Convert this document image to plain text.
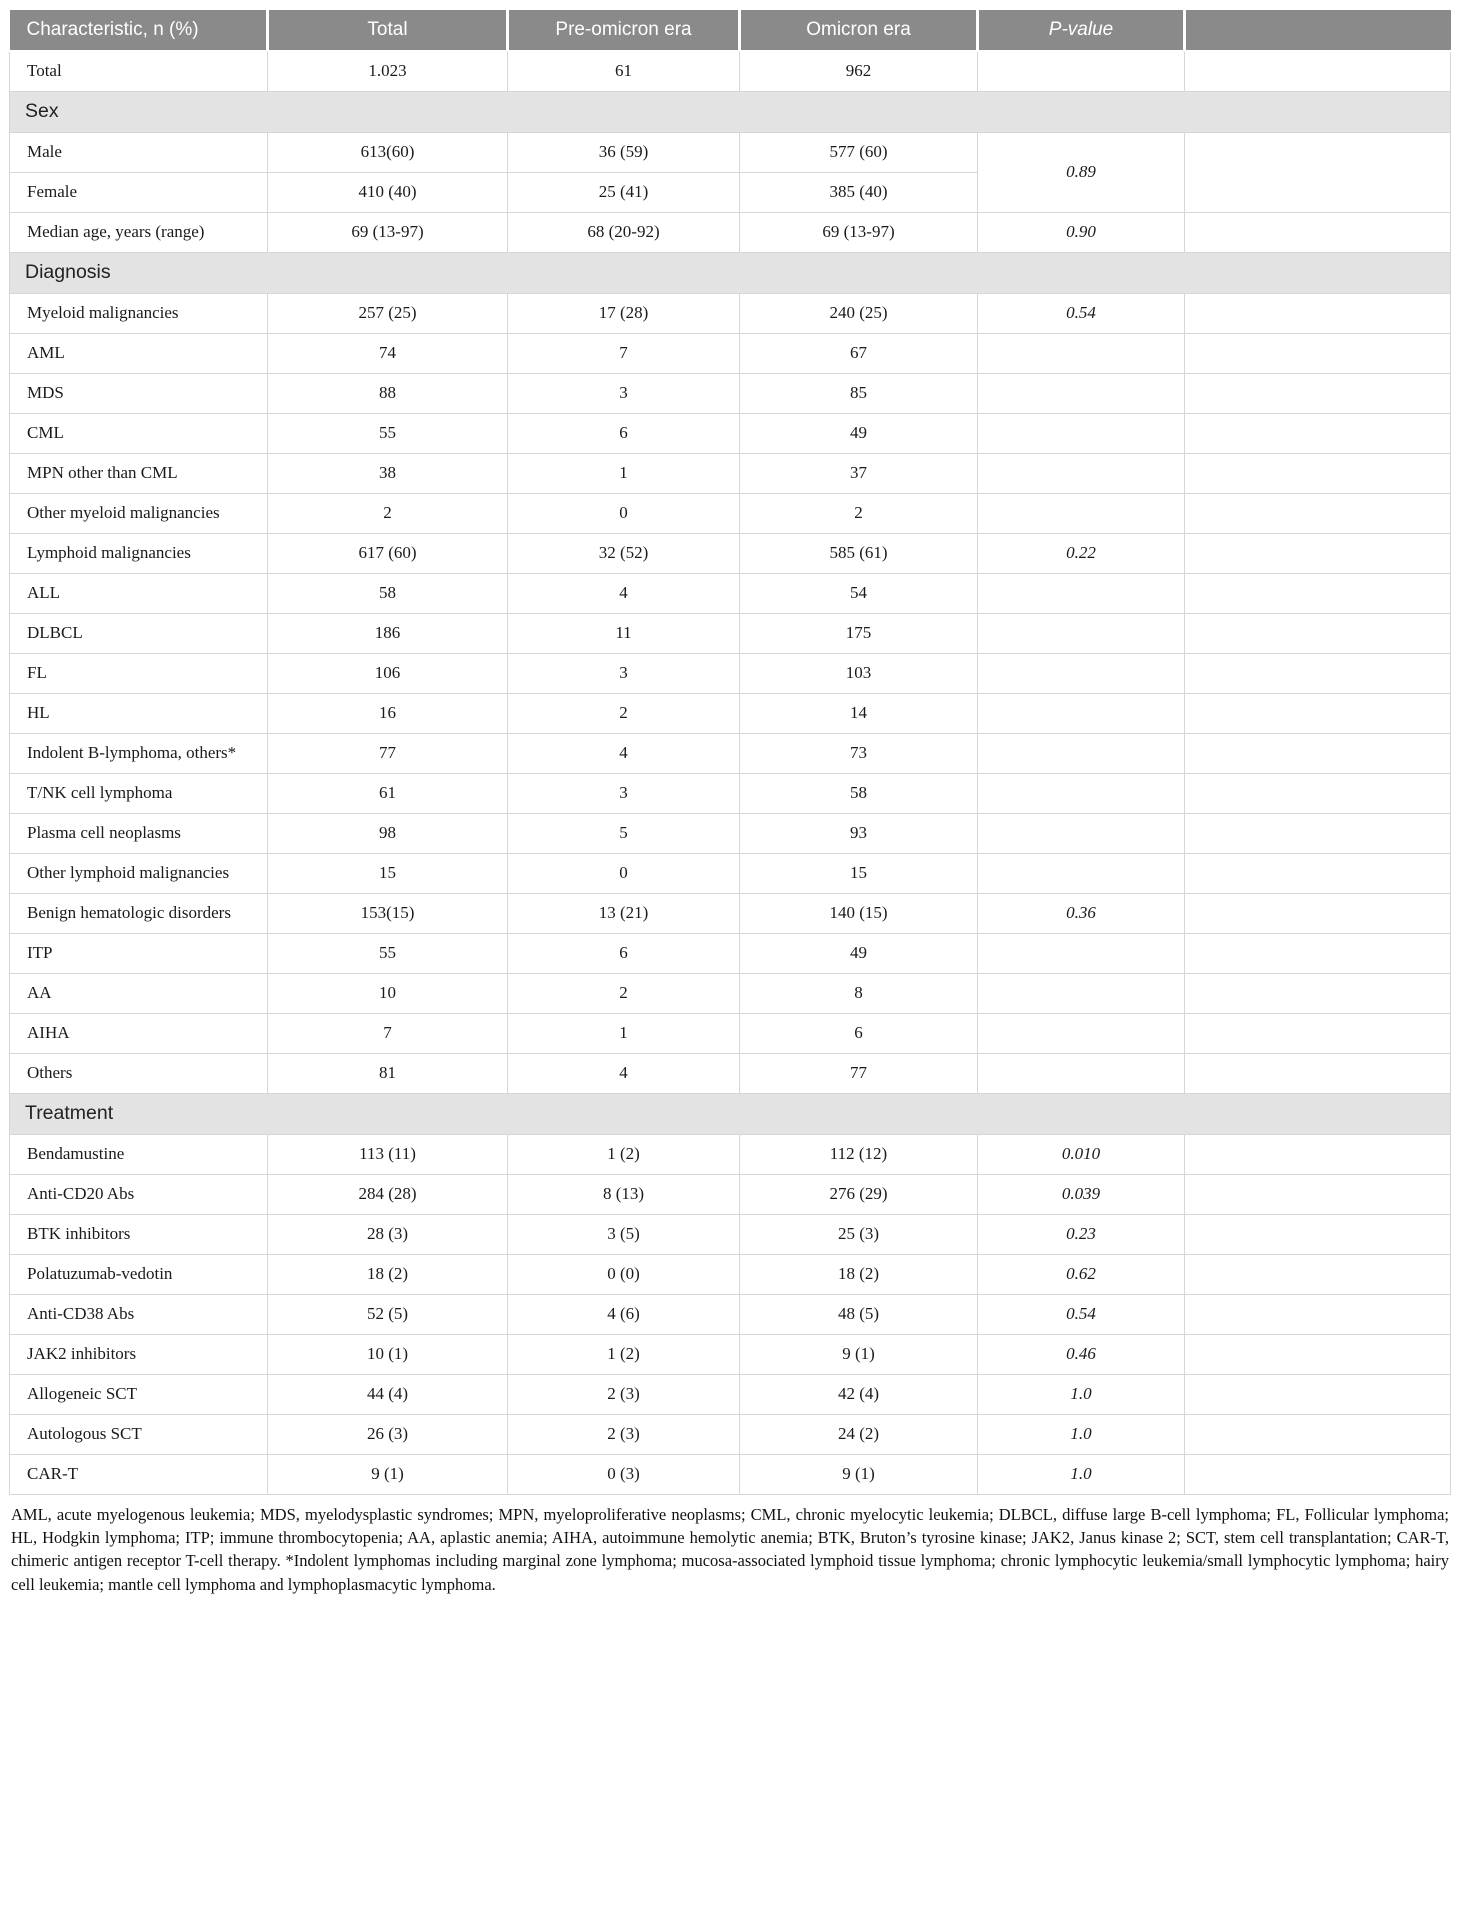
Characteristic, n (%)	Total	Pre-omicron era	Omicron era	P-value	
Total	1.023	61	962		
Sex					
Male	613(60)	36 (59)	577 (60)	0.89	
Female	410 (40)	25 (41)	385 (40)		
Median age, years (range)	69 (13-97)	68 (20-92)	69 (13-97)	0.90	
Diagnosis					
Myeloid malignancies	257 (25)	17 (28)	240 (25)	0.54	
AML	74	7	67		
MDS	88	3	85		
CML	55	6	49		
MPN other than CML	38	1	37		
Other myeloid malignancies	2	0	2		
Lymphoid malignancies	617 (60)	32 (52)	585 (61)	0.22	
ALL	58	4	54		
DLBCL	186	11	175		
FL	106	3	103		
HL	16	2	14		
Indolent B-lymphoma, others*	77	4	73		
T/NK cell lymphoma	61	3	58		
Plasma cell neoplasms	98	5	93		
Other lymphoid malignancies	15	0	15		
Benign hematologic disorders	153(15)	13 (21)	140 (15)	0.36	
ITP	55	6	49		
AA	10	2	8		
AIHA	7	1	6		
Others	81	4	77		
Treatment					
Bendamustine	113 (11)	1 (2)	112 (12)	0.010	
Anti-CD20 Abs	284 (28)	8 (13)	276 (29)	0.039	
BTK inhibitors	28 (3)	3 (5)	25 (3)	0.23	
Polatuzumab-vedotin	18 (2)	0 (0)	18 (2)	0.62	
Anti-CD38 Abs	52 (5)	4 (6)	48 (5)	0.54	
JAK2 inhibitors	10 (1)	1 (2)	9 (1)	0.46	
Allogeneic SCT	44 (4)	2 (3)	42 (4)	1.0	
Autologous SCT	26 (3)	2 (3)	24 (2)	1.0	
CAR-T	9 (1)	0 (3)	9 (1)	1.0	

AML, acute myelogenous leukemia; MDS, myelodysplastic syndromes; MPN, myeloproliferative neoplasms; CML, chronic myelocytic leukemia; DLBCL, diffuse large B-cell lymphoma; FL, Follicular lymphoma; HL, Hodgkin lymphoma; ITP; immune thrombocytopenia; AA, aplastic anemia; AIHA, autoimmune hemolytic anemia; BTK, Bruton’s tyrosine kinase; JAK2, Janus kinase 2; SCT, stem cell transplantation; CAR-T, chimeric antigen receptor T-cell therapy. *Indolent lymphomas including marginal zone lymphoma; mucosa-associated lymphoid tissue lymphoma; chronic lymphocytic leukemia/small lymphocytic lymphoma; hairy cell leukemia; mantle cell lymphoma and lymphoplasmacytic lymphoma.
